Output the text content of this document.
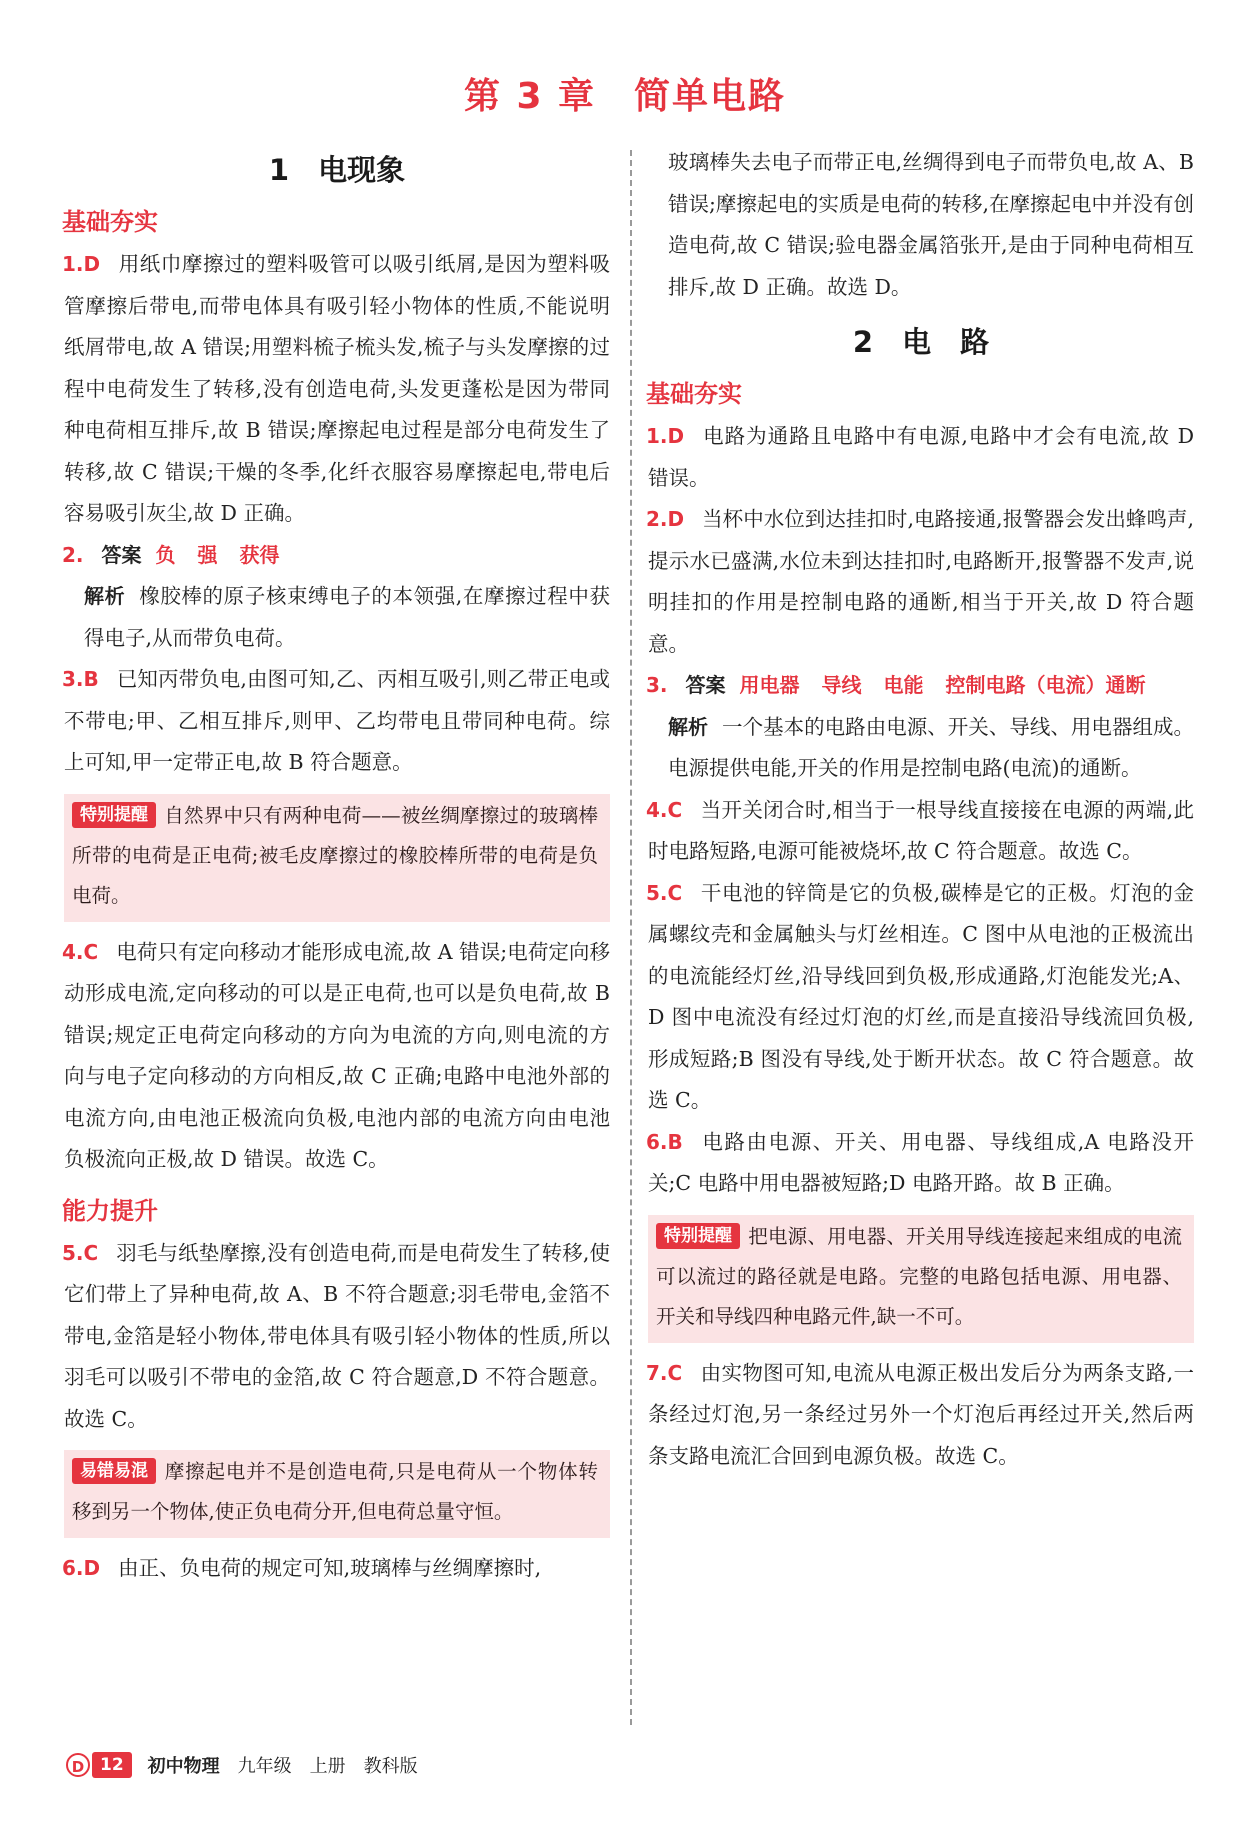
第 3 章　简单电路
1　电现象
基础夯实

1.D 用纸巾摩擦过的塑料吸管可以吸引纸屑,是因为塑料吸管摩擦后带电,而带电体具有吸引轻小物体的性质,不能说明纸屑带电,故 A 错误;用塑料梳子梳头发,梳子与头发摩擦的过程中电荷发生了转移,没有创造电荷,头发更蓬松是因为带同种电荷相互排斥,故 B 错误;摩擦起电过程是部分电荷发生了转移,故 C 错误;干燥的冬季,化纤衣服容易摩擦起电,带电后容易吸引灰尘,故 D 正确。

2. 答案 负 强 获得

解析 橡胶棒的原子核束缚电子的本领强,在摩擦过程中获得电子,从而带负电荷。

3.B 已知丙带负电,由图可知,乙、丙相互吸引,则乙带正电或不带电;甲、乙相互排斥,则甲、乙均带电且带同种电荷。综上可知,甲一定带正电,故 B 符合题意。

特别提醒 自然界中只有两种电荷——被丝绸摩擦过的玻璃棒所带的电荷是正电荷;被毛皮摩擦过的橡胶棒所带的电荷是负电荷。

4.C 电荷只有定向移动才能形成电流,故 A 错误;电荷定向移动形成电流,定向移动的可以是正电荷,也可以是负电荷,故 B 错误;规定正电荷定向移动的方向为电流的方向,则电流的方向与电子定向移动的方向相反,故 C 正确;电路中电池外部的电流方向,由电池正极流向负极,电池内部的电流方向由电池负极流向正极,故 D 错误。故选 C。

能力提升

5.C 羽毛与纸垫摩擦,没有创造电荷,而是电荷发生了转移,使它们带上了异种电荷,故 A、B 不符合题意;羽毛带电,金箔不带电,金箔是轻小物体,带电体具有吸引轻小物体的性质,所以羽毛可以吸引不带电的金箔,故 C 符合题意,D 不符合题意。故选 C。

易错易混 摩擦起电并不是创造电荷,只是电荷从一个物体转移到另一个物体,使正负电荷分开,但电荷总量守恒。

6.D 由正、负电荷的规定可知,玻璃棒与丝绸摩擦时,

玻璃棒失去电子而带正电,丝绸得到电子而带负电,故 A、B 错误;摩擦起电的实质是电荷的转移,在摩擦起电中并没有创造电荷,故 C 错误;验电器金属箔张开,是由于同种电荷相互排斥,故 D 正确。故选 D。

2　电　路
基础夯实

1.D 电路为通路且电路中有电源,电路中才会有电流,故 D 错误。

2.D 当杯中水位到达挂扣时,电路接通,报警器会发出蜂鸣声,提示水已盛满,水位未到达挂扣时,电路断开,报警器不发声,说明挂扣的作用是控制电路的通断,相当于开关,故 D 符合题意。

3. 答案 用电器 导线 电能 控制电路（电流）通断

解析 一个基本的电路由电源、开关、导线、用电器组成。电源提供电能,开关的作用是控制电路(电流)的通断。

4.C 当开关闭合时,相当于一根导线直接接在电源的两端,此时电路短路,电源可能被烧坏,故 C 符合题意。故选 C。

5.C 干电池的锌筒是它的负极,碳棒是它的正极。灯泡的金属螺纹壳和金属触头与灯丝相连。C 图中从电池的正极流出的电流能经灯丝,沿导线回到负极,形成通路,灯泡能发光;A、D 图中电流没有经过灯泡的灯丝,而是直接沿导线流回负极,形成短路;B 图没有导线,处于断开状态。故 C 符合题意。故选 C。

6.B 电路由电源、开关、用电器、导线组成,A 电路没开关;C 电路中用电器被短路;D 电路开路。故 B 正确。

特别提醒 把电源、用电器、开关用导线连接起来组成的电流可以流过的路径就是电路。完整的电路包括电源、用电器、开关和导线四种电路元件,缺一不可。

7.C 由实物图可知,电流从电源正极出发后分为两条支路,一条经过灯泡,另一条经过另外一个灯泡后再经过开关,然后两条支路电流汇合回到电源负极。故选 C。

D 12	初中物理 九年级 上册 教科版
